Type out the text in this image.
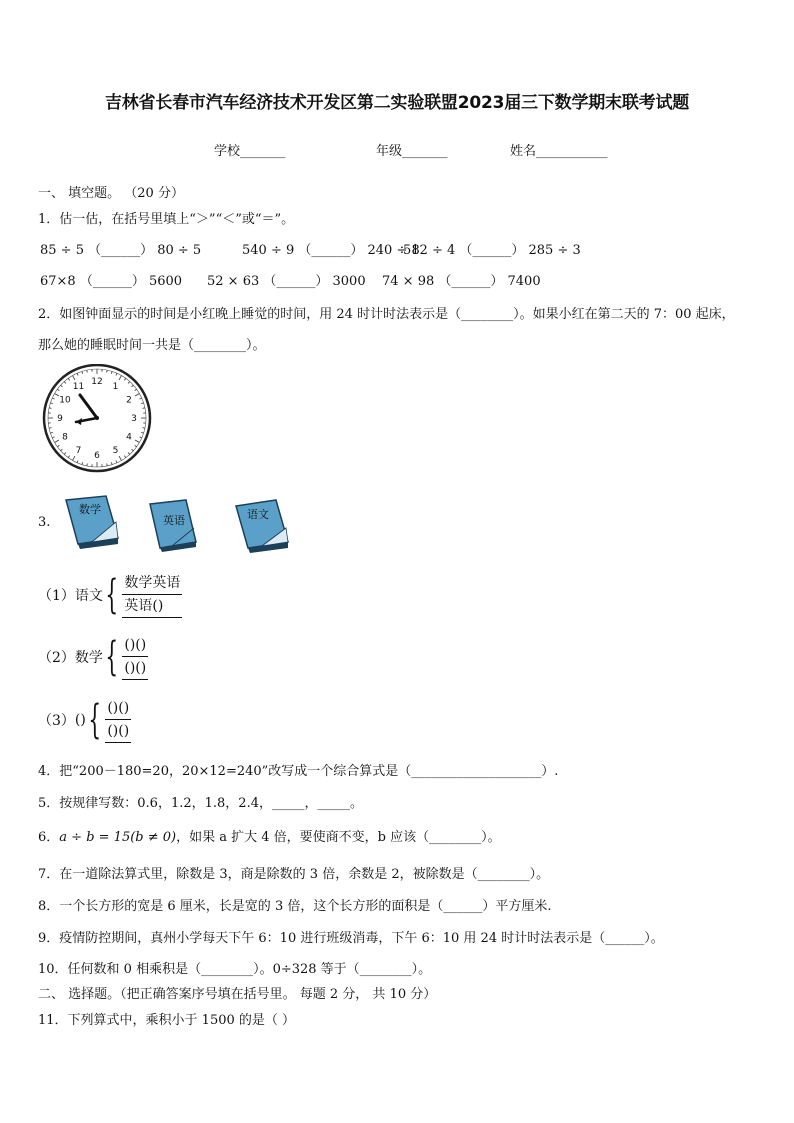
吉林省长春市汽车经济技术开发区第二实验联盟2023届三下数学期末联考试题
学校_______	年级_______	姓名___________
一、 填空题。 （20 分）
1．估一估，在括号里填上“＞”“＜”或“＝”。
85 ÷ 5 （______） 80 ÷ 5	540 ÷ 9 （______） 240 ÷ 8
512 ÷ 4 （______） 285 ÷ 3
67×8 （______） 5600 52 × 63 （______） 3000 74 × 98 （______） 7400
2．如图钟面显示的时间是小红晚上睡觉的时间，用 24 时计时法表示是（________）。如果小红在第二天的 7：00 起床，
那么她的睡眠时间一共是（________）。
12 1
2
3
4
5
6
7
8
9
10
11
3.
数学
英语	语文
（1） 语文 { 数学英语
英语()
（2） 数学 { ()()
()()
（3） () { ()()
()()
4．把“200－180=20，20×12=240”改写成一个综合算式是（____________________）.
5．按规律写数：0.6，1.2，1.8，2.4，_____，_____。
6．a ÷ b = 15(b ≠ 0)，如果 a 扩大 4 倍，要使商不变，b 应该（________）。
7．在一道除法算式里，除数是 3，商是除数的 3 倍，余数是 2，被除数是（________）。
8．一个长方形的宽是 6 厘米，长是宽的 3 倍，这个长方形的面积是（______）平方厘米.
9．疫情防控期间，真州小学每天下午 6：10 进行班级消毒，下午 6：10 用 24 时计时法表示是（______）。
10．任何数和 0 相乘积是（________）。0÷328 等于（________）。
二、 选择题。（把正确答案序号填在括号里。 每题 2 分， 共 10 分）
11．下列算式中，乘积小于 1500 的是（ ）
